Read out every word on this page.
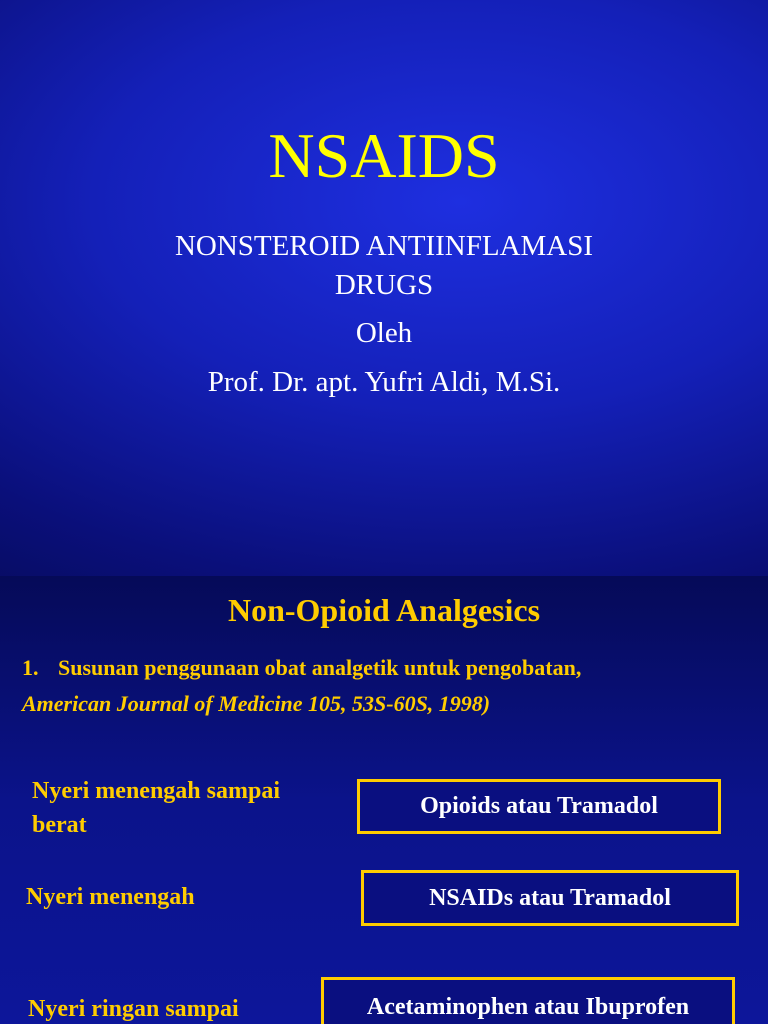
NSAIDS
NONSTEROID ANTIINFLAMASI
DRUGS
Oleh
Prof. Dr. apt. Yufri Aldi, M.Si.
Non-Opioid Analgesics
1. Susunan penggunaan obat analgetik untuk pengobatan,
American Journal of Medicine 105, 53S-60S, 1998)
Nyeri menengah sampai
berat
Opioids atau Tramadol
Nyeri menengah	NSAIDs atau Tramadol
Nyeri ringan sampai	Acetaminophen atau Ibuprofen
